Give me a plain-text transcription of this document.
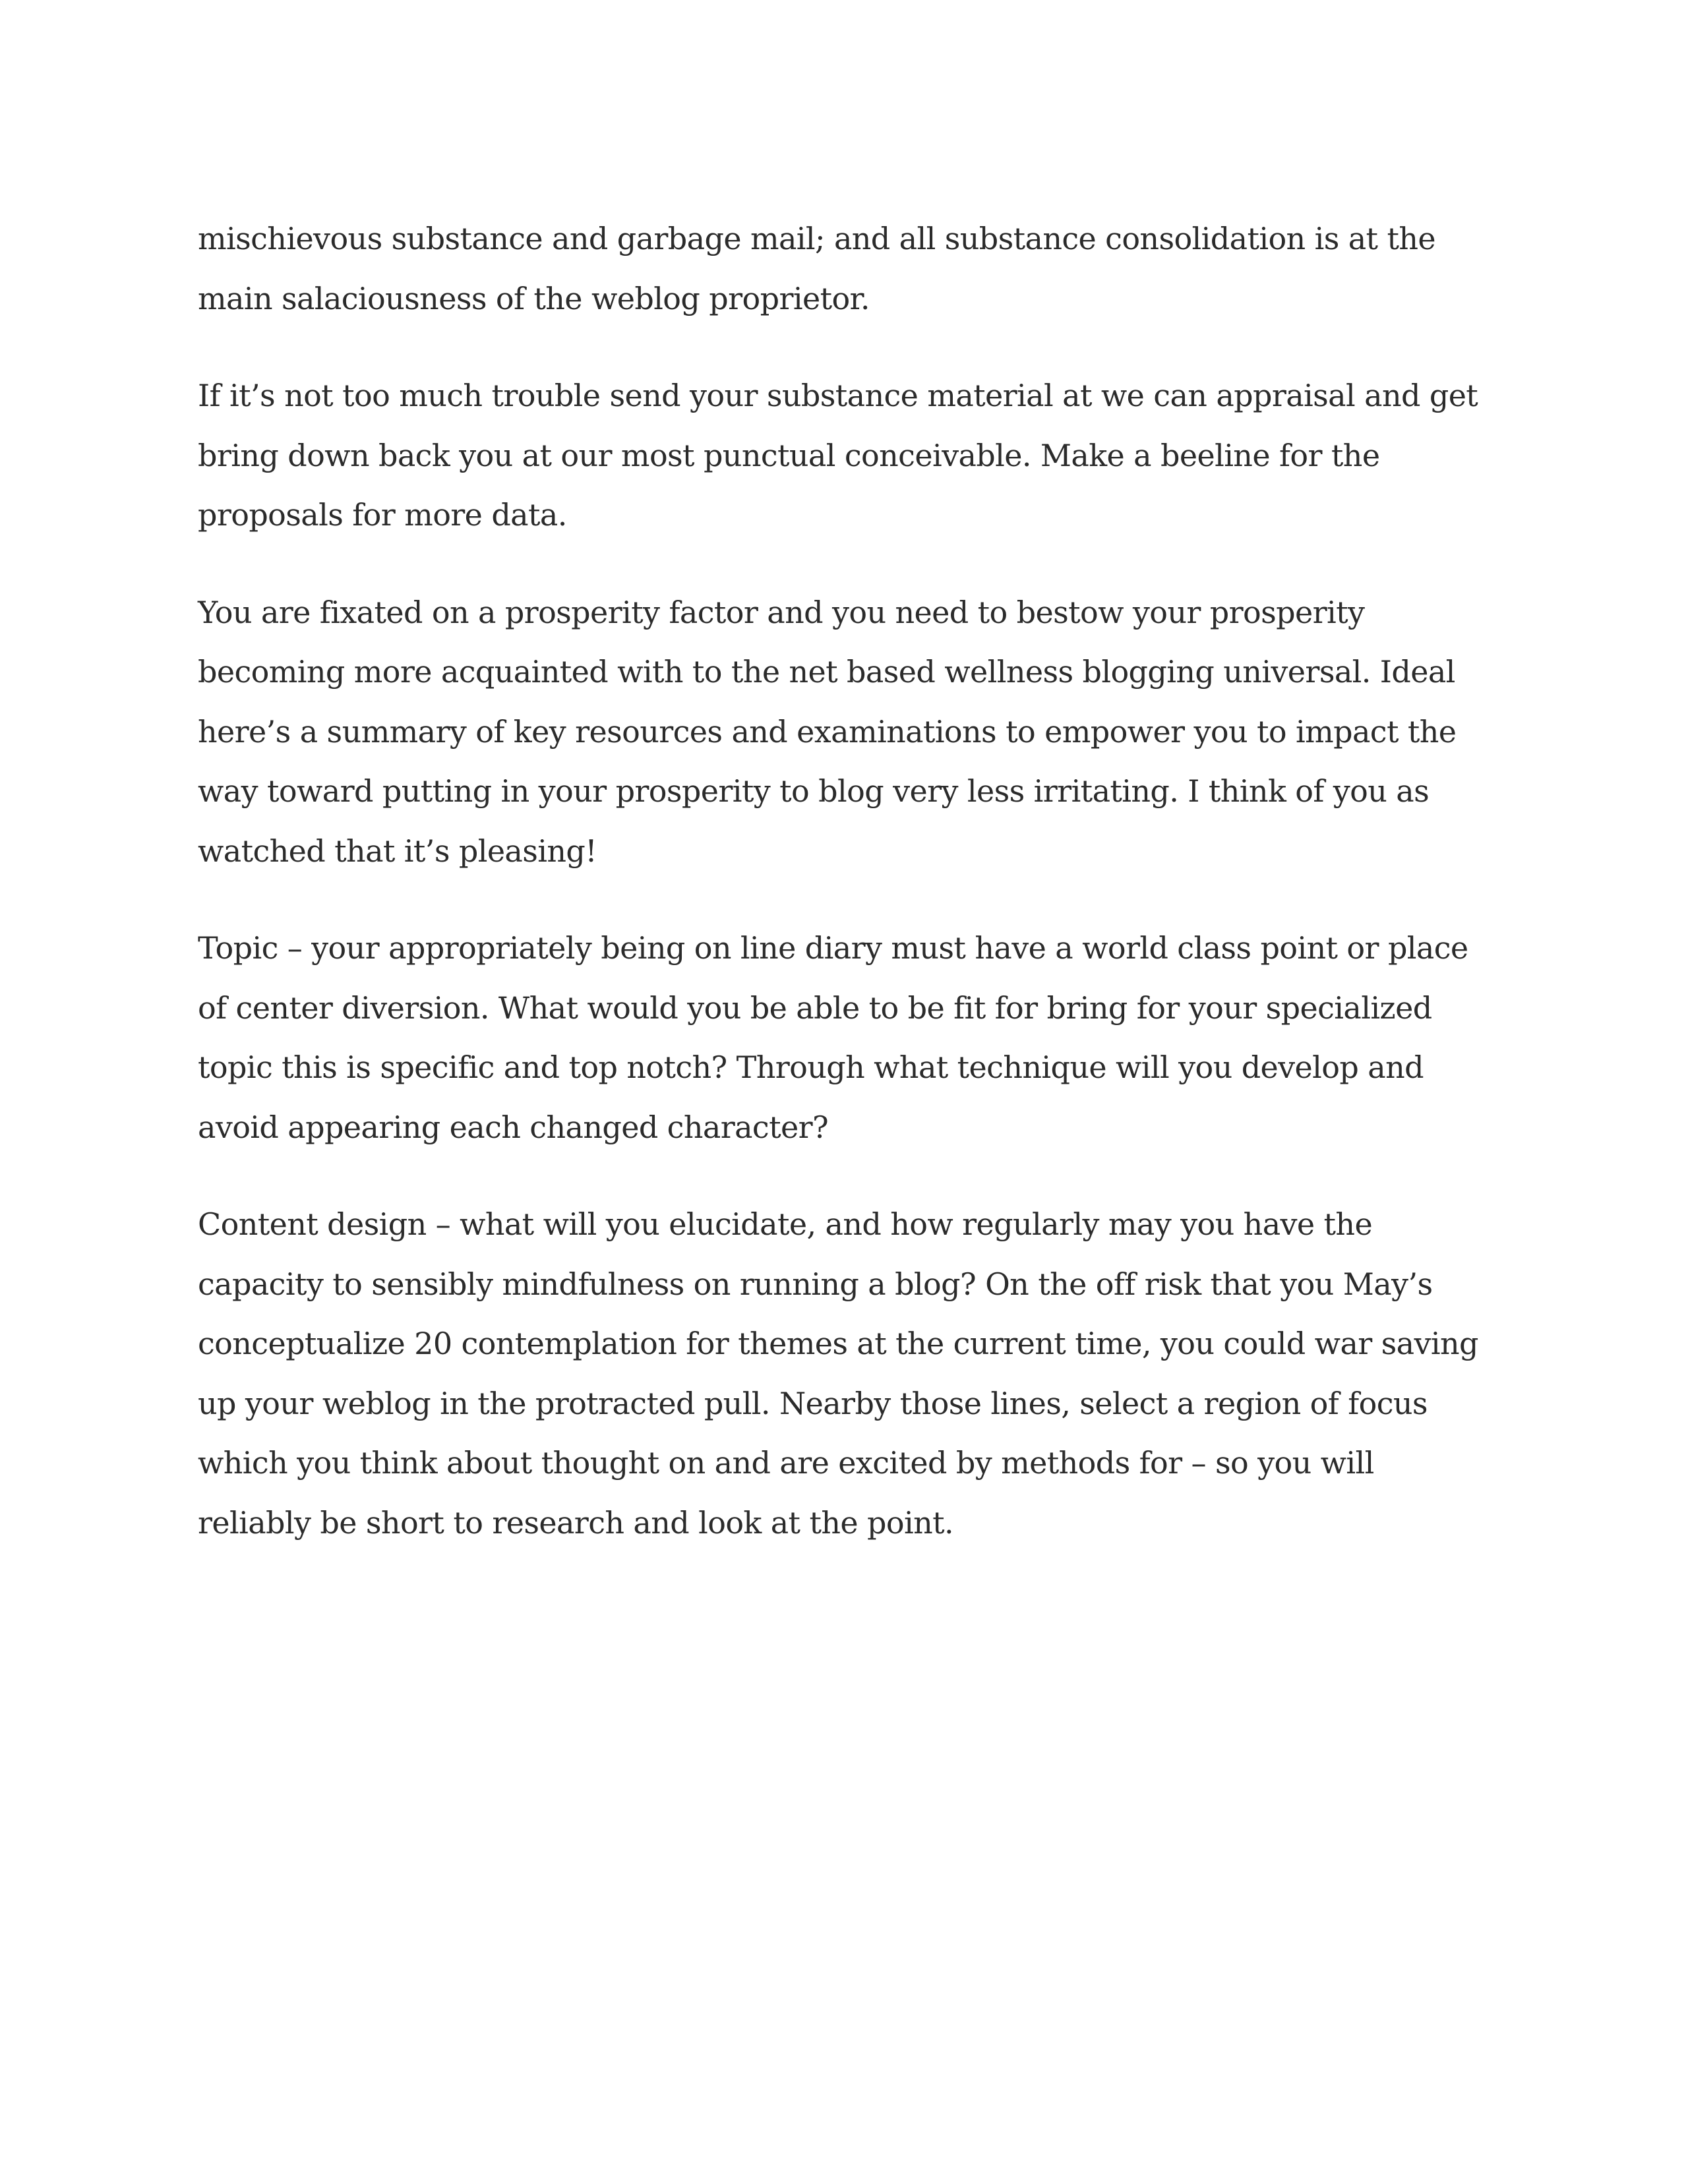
mischievous substance and garbage mail; and all substance consolidation is at the main salaciousness of the weblog proprietor.

If it’s not too much trouble send your substance material at we can appraisal and get bring down back you at our most punctual conceivable. Make a beeline for the proposals for more data.

You are fixated on a prosperity factor and you need to bestow your prosperity becoming more acquainted with to the net based wellness blogging universal. Ideal here’s a summary of key resources and examinations to empower you to impact the way toward putting in your prosperity to blog very less irritating. I think of you as watched that it’s pleasing!

Topic – your appropriately being on line diary must have a world class point or place of center diversion. What would you be able to be fit for bring for your specialized topic this is specific and top notch? Through what technique will you develop and avoid appearing each changed character?

Content design – what will you elucidate, and how regularly may you have the capacity to sensibly mindfulness on running a blog? On the off risk that you May’s conceptualize 20 contemplation for themes at the current time, you could war saving up your weblog in the protracted pull. Nearby those lines, select a region of focus which you think about thought on and are excited by methods for – so you will reliably be short to research and look at the point.
